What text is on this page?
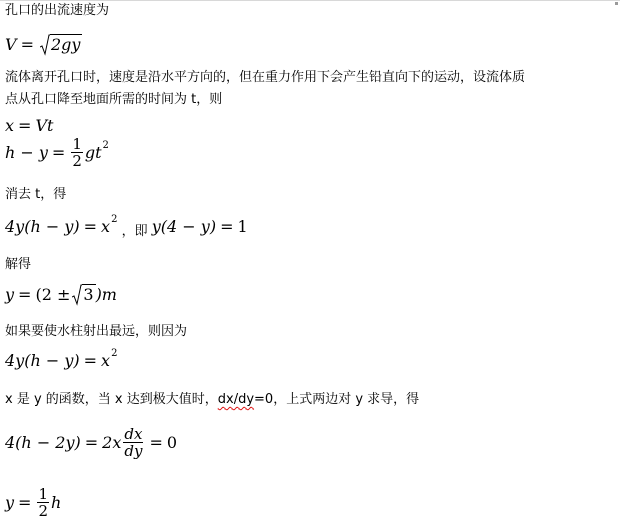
孔口的出流速度为
V = 2gy
流体离开孔口时，速度是沿水平方向的，但在重力作用下会产生铅直向下的运动，设流体质
点从孔口降至地面所需的时间为 t，则
x = Vt
$h - y = \frac{1}{2}$ gt 2
消去 t，得
4y(h − y) = x 2
，即 y(4 − y) = 1
解得
y = (2 ± 3 )m
如果要使水柱射出最远，则因为
4y(h − y) = x 2
x 是 y 的函数，当 x 达到极大值时，dx/dy=0，上式两边对 y 求导，得
$4(h - 2y) = 2x \frac{dx}{dy} = 0$
$y = \frac{1}{2}$ h
